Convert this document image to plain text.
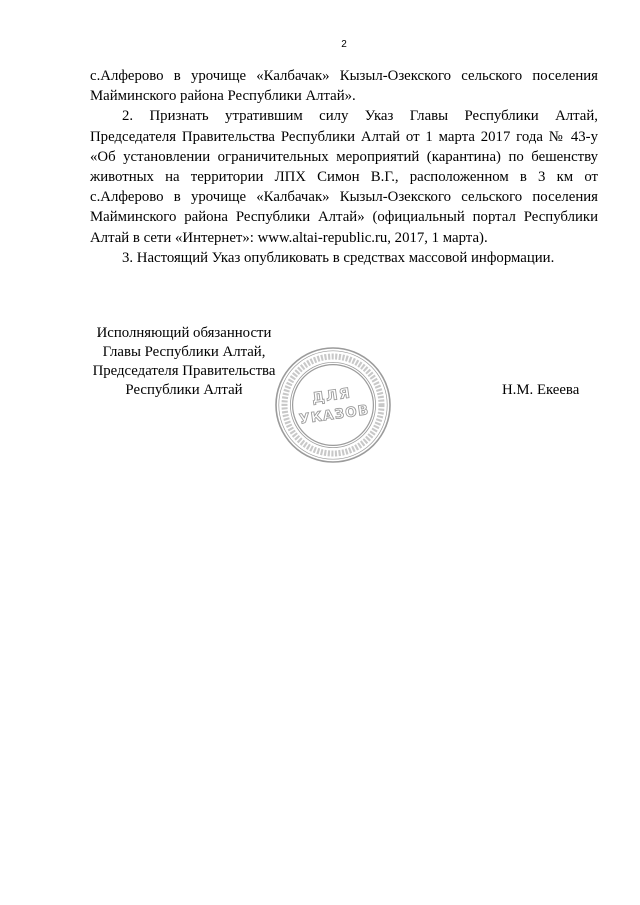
2
с.Алферово в урочище «Калбачак» Кызыл-Озекского сельского поселения
Майминского района Республики Алтай».
2. Признать утратившим силу Указ Главы Республики Алтай,
Председателя Правительства Республики Алтай от 1 марта 2017 года № 43-у
«Об установлении ограничительных мероприятий (карантина) по бешенству
животных на территории ЛПХ Симон В.Г., расположенном в 3 км от
с.Алферово в урочище «Калбачак» Кызыл-Озекского сельского поселения
Майминского района Республики Алтай» (официальный портал Республики
Алтай в сети «Интернет»: www.altai-republic.ru, 2017, 1 марта).
3. Настоящий Указ опубликовать в средствах массовой информации.
Исполняющий обязанности
Главы Республики Алтай,
Председателя Правительства
Республики Алтай	Н.М. Екеева
ДЛЯ
УКАЗОВ
